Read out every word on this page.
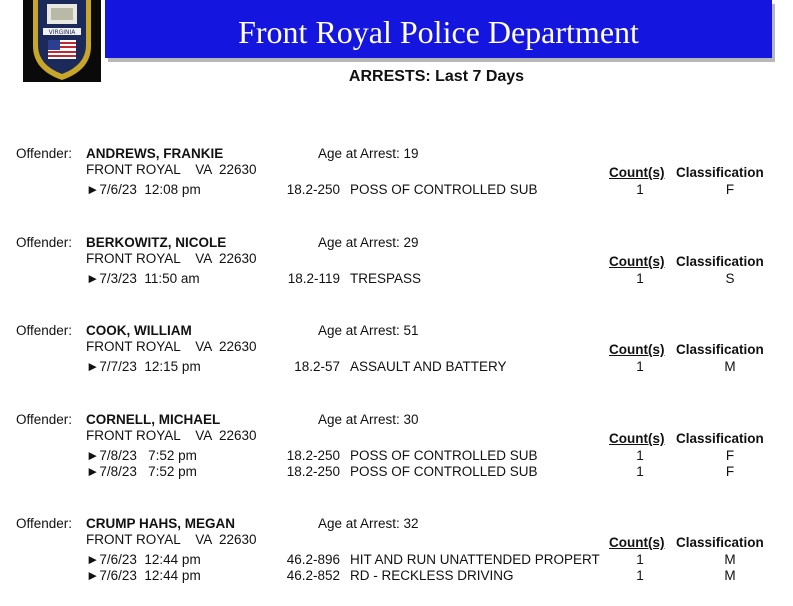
Front Royal Police Department
VIRGINIA
ARRESTS: Last 7 Days
Offender: ANDREWS, FRANKIE	Age at Arrest: 19
FRONT ROYAL    VA  22630	Count(s) Classification
►7/6/23  12:08 pm	18.2-250 POSS OF CONTROLLED SUB	1	F
Offender: BERKOWITZ, NICOLE	Age at Arrest: 29
FRONT ROYAL    VA  22630	Count(s) Classification
►7/3/23  11:50 am	18.2-119 TRESPASS	1	S
Offender: COOK, WILLIAM	Age at Arrest: 51
FRONT ROYAL    VA  22630	Count(s) Classification
►7/7/23  12:15 pm	18.2-57 ASSAULT AND BATTERY	1	M
Offender: CORNELL, MICHAEL	Age at Arrest: 30
FRONT ROYAL    VA  22630	Count(s) Classification
►7/8/23   7:52 pm	18.2-250 POSS OF CONTROLLED SUB	1	F
►7/8/23   7:52 pm	18.2-250 POSS OF CONTROLLED SUB	1	F
Offender: CRUMP HAHS, MEGAN	Age at Arrest: 32
FRONT ROYAL    VA  22630	Count(s) Classification
►7/6/23  12:44 pm	46.2-896 HIT AND RUN UNATTENDED PROPERT	1	M
►7/6/23  12:44 pm	46.2-852 RD - RECKLESS DRIVING	1	M
